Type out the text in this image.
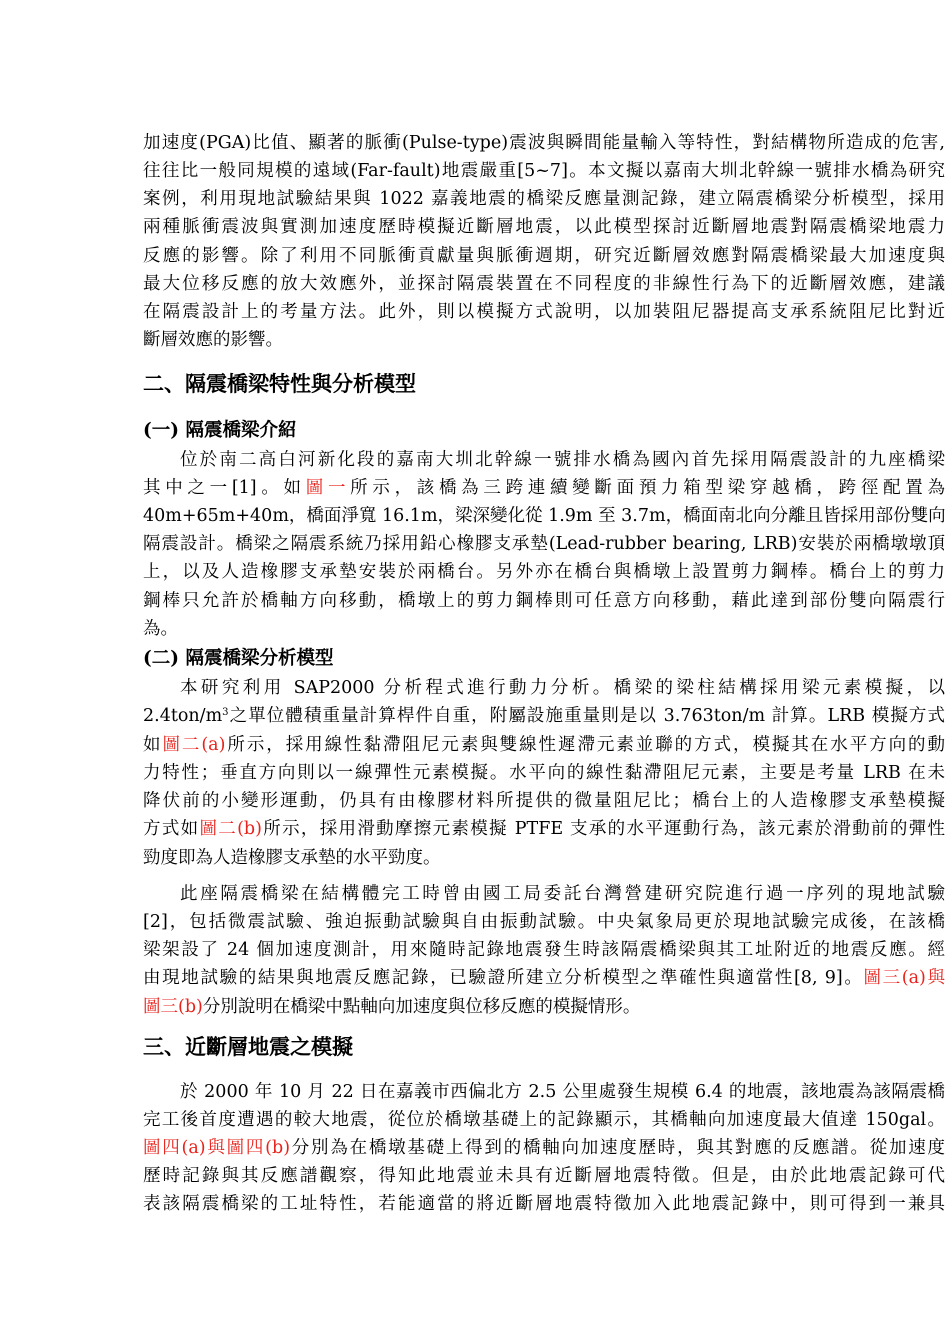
加速度(PGA)比值、顯著的脈衝(Pulse-type)震波與瞬間能量輸入等特性，對結構物所造成的危害,
往往比一般同規模的遠域(Far-fault)地震嚴重[5~7]。本文擬以嘉南大圳北幹線一號排水橋為研究
案例，利用現地試驗結果與 1022 嘉義地震的橋梁反應量測記錄，建立隔震橋梁分析模型，採用
兩種脈衝震波與實測加速度歷時模擬近斷層地震，以此模型探討近斷層地震對隔震橋梁地震力
反應的影響。除了利用不同脈衝貢獻量與脈衝週期，研究近斷層效應對隔震橋梁最大加速度與
最大位移反應的放大效應外，並探討隔震裝置在不同程度的非線性行為下的近斷層效應，建議
在隔震設計上的考量方法。此外，則以模擬方式說明，以加裝阻尼器提高支承系統阻尼比對近
斷層效應的影響。
二、隔震橋梁特性與分析模型
(一) 隔震橋梁介紹
位於南二高白河新化段的嘉南大圳北幹線一號排水橋為國內首先採用隔震設計的九座橋梁
其中之一[1]。如圖一所示，該橋為三跨連續變斷面預力箱型梁穿越橋，跨徑配置為
40m+65m+40m，橋面淨寬 16.1m，梁深變化從 1.9m 至 3.7m，橋面南北向分離且皆採用部份雙向
隔震設計。橋梁之隔震系統乃採用鉛心橡膠支承墊(Lead-rubber bearing, LRB)安裝於兩橋墩墩頂
上，以及人造橡膠支承墊安裝於兩橋台。另外亦在橋台與橋墩上設置剪力鋼棒。橋台上的剪力
鋼棒只允許於橋軸方向移動，橋墩上的剪力鋼棒則可任意方向移動，藉此達到部份雙向隔震行
為。
(二) 隔震橋梁分析模型
本研究利用 SAP2000 分析程式進行動力分析。橋梁的梁柱結構採用梁元素模擬，以
$2.4ton/m^3$之單位體積重量計算桿件自重，附屬設施重量則是以 3.763ton/m 計算。LRB 模擬方式
如圖二(a)所示，採用線性黏滯阻尼元素與雙線性遲滯元素並聯的方式，模擬其在水平方向的動
力特性；垂直方向則以一線彈性元素模擬。水平向的線性黏滯阻尼元素，主要是考量 LRB 在未
降伏前的小變形運動，仍具有由橡膠材料所提供的微量阻尼比；橋台上的人造橡膠支承墊模擬
方式如圖二(b)所示，採用滑動摩擦元素模擬 PTFE 支承的水平運動行為，該元素於滑動前的彈性
勁度即為人造橡膠支承墊的水平勁度。
此座隔震橋梁在結構體完工時曾由國工局委託台灣營建研究院進行過一序列的現地試驗
[2]，包括微震試驗、強迫振動試驗與自由振動試驗。中央氣象局更於現地試驗完成後，在該橋
梁架設了 24 個加速度測計，用來隨時記錄地震發生時該隔震橋梁與其工址附近的地震反應。經
由現地試驗的結果與地震反應記錄，已驗證所建立分析模型之準確性與適當性[8, 9]。圖三(a)與
圖三(b)分別說明在橋梁中點軸向加速度與位移反應的模擬情形。
三、近斷層地震之模擬
於 2000 年 10 月 22 日在嘉義市西偏北方 2.5 公里處發生規模 6.4 的地震，該地震為該隔震橋
完工後首度遭遇的較大地震，從位於橋墩基礎上的記錄顯示，其橋軸向加速度最大值達 150gal。
圖四(a)與圖四(b)分別為在橋墩基礎上得到的橋軸向加速度歷時，與其對應的反應譜。從加速度
歷時記錄與其反應譜觀察，得知此地震並未具有近斷層地震特徵。但是，由於此地震記錄可代
表該隔震橋梁的工址特性，若能適當的將近斷層地震特徵加入此地震記錄中，則可得到一兼具
